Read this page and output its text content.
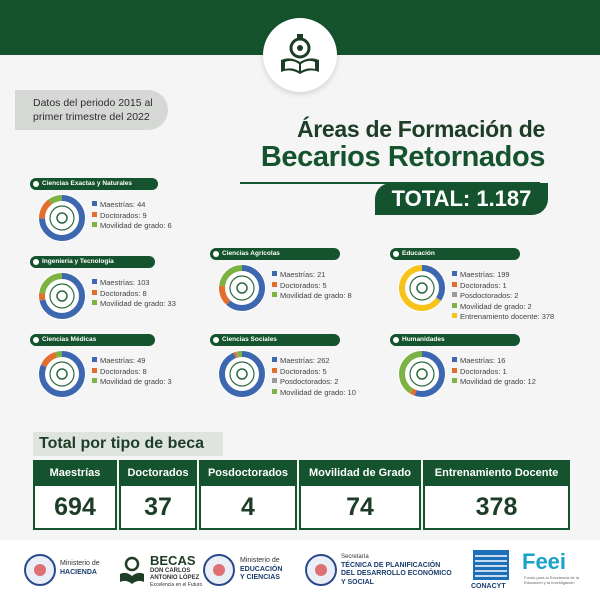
Datos del periodo 2015 al
primer trimestre del 2022	Áreas de Formación de
Becarios Retornados
TOTAL: 1.187
Ciencias Exactas y Naturales
Maestrías: 44
Doctorados: 9
Movilidad de grado: 6
Ingeniería y Tecnología
Maestrías: 103
Doctorados: 8
Movilidad de grado: 33
Ciencias Médicas
Maestrías: 49
Doctorados: 8
Movilidad de grado: 3
Ciencias Agrícolas
Maestrías: 21
Doctorados: 5
Movilidad de grado: 8
Ciencias Sociales
Maestrías: 262
Doctorados: 5
Posdoctorados: 2
Movilidad de grado: 10
Educación
Maestrías: 199
Doctorados: 1
Posdoctorados: 2
Movilidad de grado: 2
Entrenamiento docente: 378
Humanidades
Maestrías: 16
Doctorados: 1
Movilidad de grado: 12
Total por tipo de beca
Maestrías
694
Doctorados
37
Posdoctorados
4
Movilidad de Grado
74
Entrenamiento Docente
378
Ministerio de
HACIENDA
BECAS
DON CARLOS
ANTONIO LÓPEZ
Excelencia en el Futuro
Ministerio de
EDUCACIÓN
Y CIENCIAS
Secretaría
TÉCNICA DE PLANIFICACIÓN
DEL DESARROLLO ECONÓMICO
Y SOCIAL
CONACYT
Feei
Fondo para la Excelencia de la Educación y la Investigación
